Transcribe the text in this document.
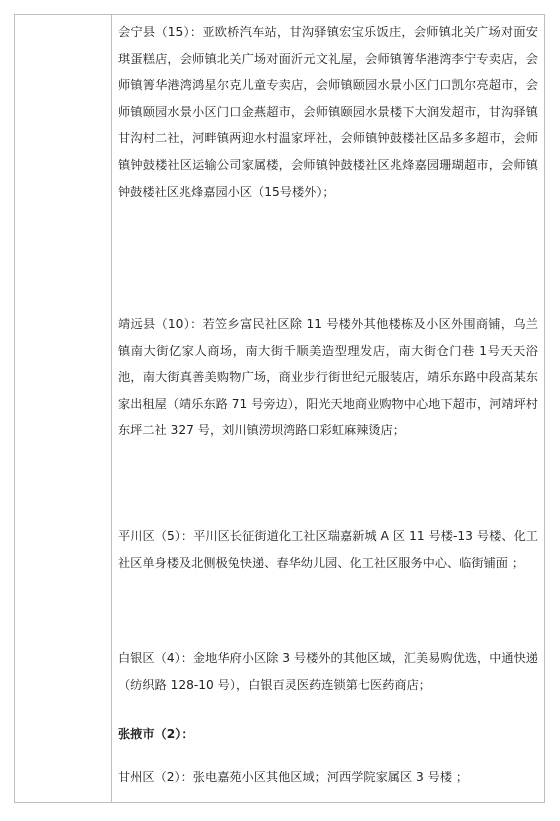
会宁县（15）：亚欧桥汽车站，甘沟驿镇宏宝乐饭庄，会师镇北关广场对面安琪蛋糕店，会师镇北关广场对面沂元文礼屋，会师镇箐华港湾李宁专卖店，会师镇箐华港湾鸿星尔克儿童专卖店，会师镇颐园水景小区门口凯尔亮超市，会师镇颐园水景小区门口金燕超市，会师镇颐园水景楼下大润发超市，甘沟驿镇甘沟村二社，河畔镇两迎水村温家坪社，会师镇钟鼓楼社区品多多超市，会师镇钟鼓楼社区运输公司家属楼，会师镇钟鼓楼社区兆烽嘉园珊瑚超市，会师镇钟鼓楼社区兆烽嘉园小区（15号楼外）；

靖远县（10）：若笠乡富民社区除 11 号楼外其他楼栋及小区外围商铺，乌兰镇南大街亿家人商场，南大街千顺美造型理发店，南大街仓门巷 1号天天浴池，南大街真善美购物广场，商业步行街世纪元服装店，靖乐东路中段高某东家出租屋（靖乐东路 71 号旁边），阳光天地商业购物中心地下超市，河靖坪村东坪二社 327 号，刘川镇涝坝湾路口彩虹麻辣烫店；

平川区（5）：平川区长征街道化工社区瑞嘉新城 A 区 11 号楼-13 号楼、化工社区单身楼及北侧极兔快递、春华幼儿园、化工社区服务中心、临街铺面 ；

白银区（4）：金地华府小区除 3 号楼外的其他区域，汇美易购优选，中通快递（纺织路 128-10 号），白银百灵医药连锁第七医药商店；

张掖市（2）：

甘州区（2）：张电嘉苑小区其他区域；河西学院家属区 3 号楼 ；
